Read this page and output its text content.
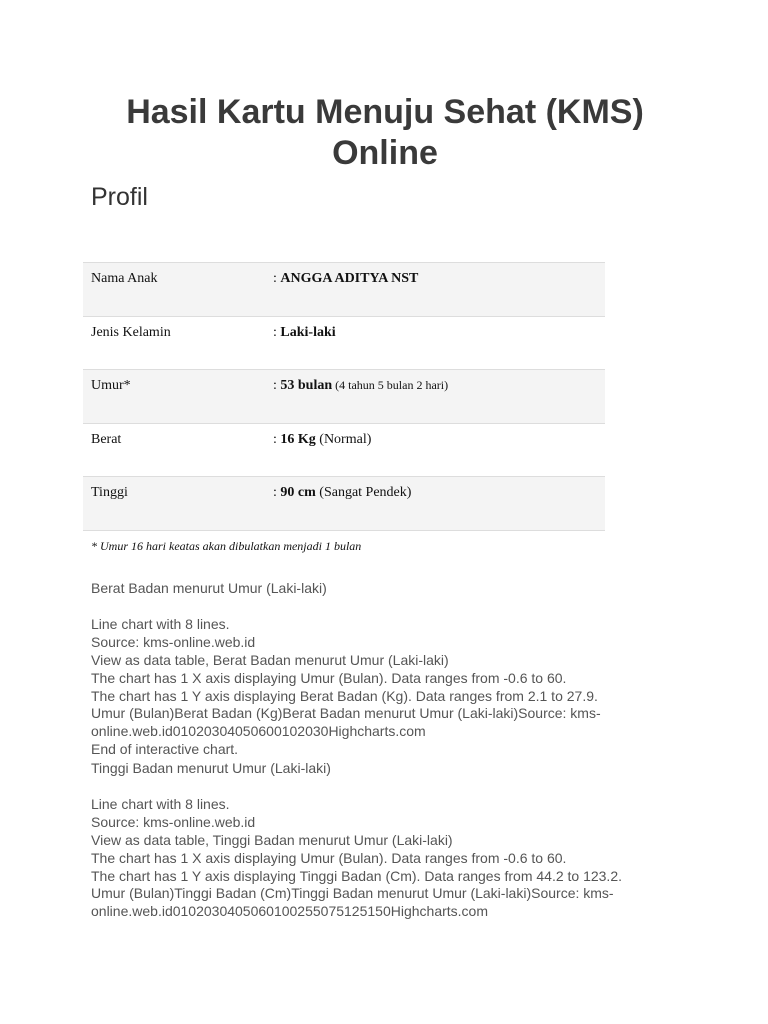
Hasil Kartu Menuju Sehat (KMS) Online
Profil
Nama Anak	: ANGGA ADITYA NST
Jenis Kelamin	: Laki-laki
Umur*	: 53 bulan (4 tahun 5 bulan 2 hari)
Berat	: 16 Kg (Normal)
Tinggi	: 90 cm (Sangat Pendek)
* Umur 16 hari keatas akan dibulatkan menjadi 1 bulan
Berat Badan menurut Umur (Laki-laki)
Line chart with 8 lines.
Source: kms-online.web.id
View as data table, Berat Badan menurut Umur (Laki-laki)
The chart has 1 X axis displaying Umur (Bulan). Data ranges from -0.6 to 60.
The chart has 1 Y axis displaying Berat Badan (Kg). Data ranges from 2.1 to 27.9.
Umur (Bulan)Berat Badan (Kg)Berat Badan menurut Umur (Laki-laki)Source: kms-
online.web.id01020304050600102030Highcharts.com
End of interactive chart.
Tinggi Badan menurut Umur (Laki-laki)
Line chart with 8 lines.
Source: kms-online.web.id
View as data table, Tinggi Badan menurut Umur (Laki-laki)
The chart has 1 X axis displaying Umur (Bulan). Data ranges from -0.6 to 60.
The chart has 1 Y axis displaying Tinggi Badan (Cm). Data ranges from 44.2 to 123.2.
Umur (Bulan)Tinggi Badan (Cm)Tinggi Badan menurut Umur (Laki-laki)Source: kms-
online.web.id0102030405060100255075125150Highcharts.com
